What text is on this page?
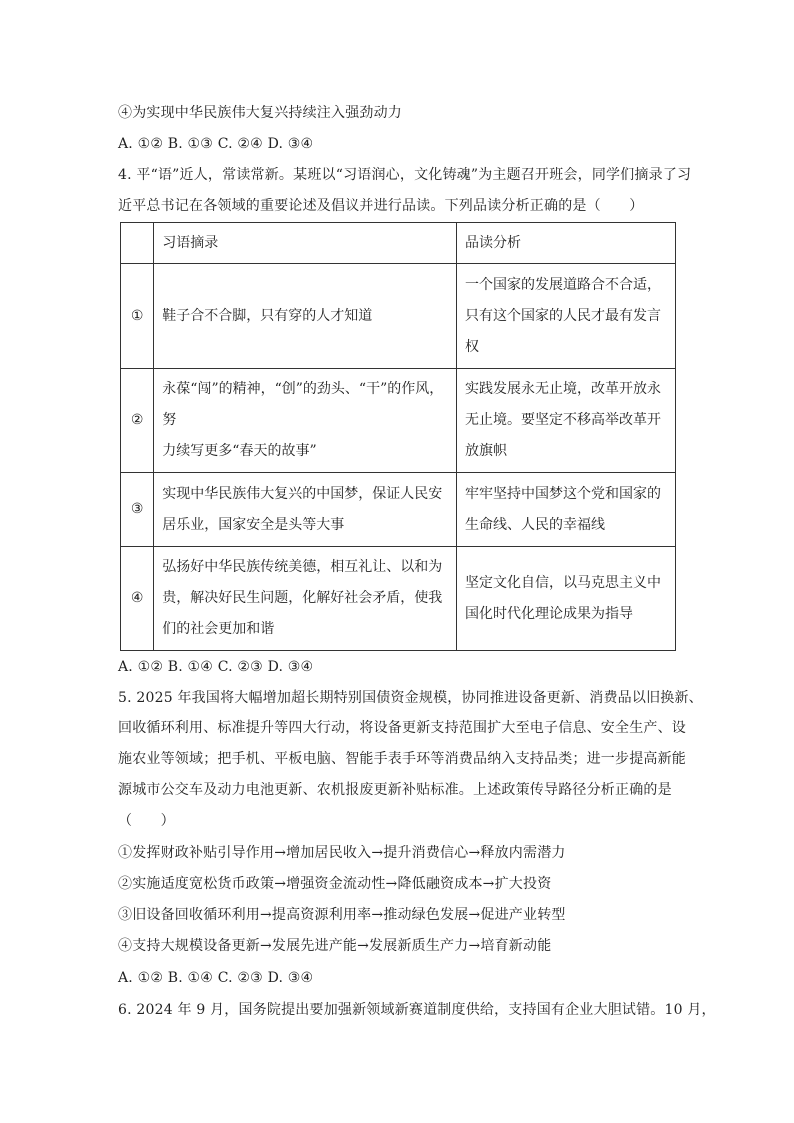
④为实现中华民族伟大复兴持续注入强劲动力
A. ①② B. ①③ C. ②④ D. ③④
4. 平“语”近人，常读常新。某班以“习语润心，文化铸魂”为主题召开班会，同学们摘录了习
近平总书记在各领域的重要论述及倡议并进行品读。下列品读分析正确的是（　　）
	习语摘录	品读分析
①	鞋子合不合脚，只有穿的人才知道	一个国家的发展道路合不合适，
只有这个国家的人民才最有发言
权

②	永葆“闯”的精神，“创”的劲头、“干”的作风，努
力续写更多“春天的故事”	实践发展永无止境，改革开放永
无止境。要坚定不移高举改革开
放旗帜

③	实现中华民族伟大复兴的中国梦，保证人民安
居乐业，国家安全是头等大事	牢牢坚持中国梦这个党和国家的
生命线、人民的幸福线

④	弘扬好中华民族传统美德，相互礼让、以和为
贵，解决好民生问题，化解好社会矛盾，使我
们的社会更加和谐	坚定文化自信，以马克思主义中
国化时代化理论成果为指导
A. ①② B. ①④ C. ②③ D. ③④
5. 2025 年我国将大幅增加超长期特别国债资金规模，协同推进设备更新、消费品以旧换新、
回收循环利用、标准提升等四大行动，将设备更新支持范围扩大至电子信息、安全生产、设
施农业等领域；把手机、平板电脑、智能手表手环等消费品纳入支持品类；进一步提高新能
源城市公交车及动力电池更新、农机报废更新补贴标准。上述政策传导路径分析正确的是
（　　）
①发挥财政补贴引导作用→增加居民收入→提升消费信心→释放内需潜力
②实施适度宽松货币政策→增强资金流动性→降低融资成本→扩大投资
③旧设备回收循环利用→提高资源利用率→推动绿色发展→促进产业转型
④支持大规模设备更新→发展先进产能→发展新质生产力→培育新动能
A. ①② B. ①④ C. ②③ D. ③④
6. 2024 年 9 月，国务院提出要加强新领域新赛道制度供给，支持国有企业大胆试错。10 月，
